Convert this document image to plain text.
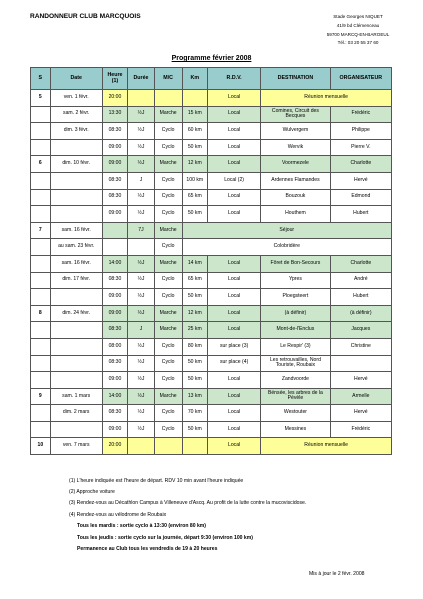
RANDONNEUR CLUB MARCQUOIS	Stade Georges NIQUET
41/9 bd Clémenceau
59700 MARCQ-EN-BAROEUL
Tél.: 03 20 55 37 60
Programme février 2008
S	Date	Heure (1)	Durée	M/C	Km	R.D.V.	DESTINATION	ORGANISATEUR
5	ven. 1 févr.	20:00				Local	Réunion mensuelle	
	sam. 2 févr.	13:30	½J	Marche	15 km	Local	Comines, Circuit des Becques	Frédéric
	dim. 3 févr.	08:30	½J	Cyclo	60 km	Local	Wulvergem	Philippe
		09:00	½J	Cyclo	50 km	Local	Wervik	Pierre V.
6	dim. 10 févr.	09:00	½J	Marche	12 km	Local	Voormezele	Charlotte
		08:30	J	Cyclo	100 km	Local (2)	Ardennes Flamandes	Hervé
		08:30	½J	Cyclo	65 km	Local	Bouzouk	Edmond
		09:00	½J	Cyclo	50 km	Local	Houthem	Hubert
7	sam. 16 févr.		7J	Marche	Séjour			
	au sam. 23 févr.			Cyclo	Colobridère			
	sam. 16 févr.	14:00	½J	Marche	14 km	Local	Fôret de Bon-Secours	Charlotte
	dim. 17 févr.	08:30	½J	Cyclo	65 km	Local	Ypres	André
		09:00	½J	Cyclo	50 km	Local	Ploegsteert	Hubert
8	dim. 24 févr.	09:00	½J	Marche	12 km	Local	(à définir)	(à définir)
		08:30	J	Marche	25 km	Local	Mont-de-l'Enclus	Jacques
		08:00	½J	Cyclo	80 km	sur place (3)	Le Respir' (3)	Christine
		08:30	½J	Cyclo	50 km	sur place (4)	Les retrouvailles, Nord Touriste, Roubaix	
		09:00	½J	Cyclo	50 km	Local	Zandvoorde	Hervé
9	sam. 1 mars	14:00	½J	Marche	13 km	Local	Bénsée, les arbres de la Pévèle	Armelle
	dim. 2 mars	08:30	½J	Cyclo	70 km	Local	Westouter	Hervé
		09:00	½J	Cyclo	50 km	Local	Messines	Frédéric
10	ven. 7 mars	20:00				Local	Réunion mensuelle	
(1) L'heure indiquée est l'heure de départ. RDV 10 min avant l'heure indiquée
(2) Approche voiture
(3) Rendez-vous au Décathlon Campus à Villeneuve d'Ascq. Au profit de la lutte contre la mucoviscidose.
(4) Rendez-vous au vélodrome de Roubaix
Tous les mardis : sortie cyclo à 13:30 (environ 80 km)
Tous les jeudis : sortie cyclo sur la journée, départ 9:30 (environ 100 km)
Permanence au Club tous les vendredis de 19 à 20 heures
Mis à jour le 2 févr. 2008
